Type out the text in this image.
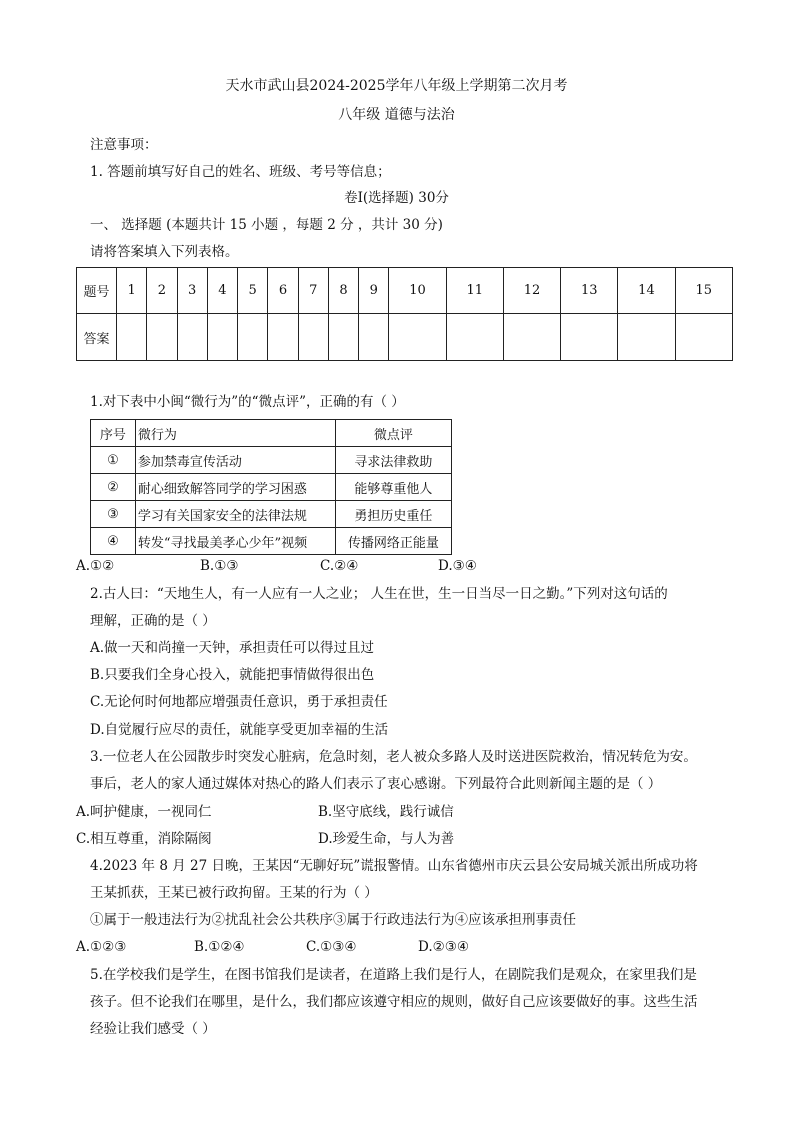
天水市武山县2024-2025学年八年级上学期第二次月考
八年级 道德与法治
注意事项：
1. 答题前填写好自己的姓名、班级、考号等信息；
卷Ⅰ(选择题) 30分
一、 选择题 (本题共计 15 小题 ，每题 2 分 ，共计 30 分)
请将答案填入下列表格。
题号	1	2	3	4	5	6	7	8	9	10	11	12	13	14	15
答案															
1.对下表中小闽“微行为”的“微点评”，正确的有（ ）
序号	微行为	微点评
①	参加禁毒宣传活动	寻求法律救助
②	耐心细致解答同学的学习困惑	能够尊重他人
③	学习有关国家安全的法律法规	勇担历史重任
④	转发“寻找最美孝心少年”视频	传播网络正能量
A.①②	B.①③	C.②④	D.③④
2.古人曰：“天地生人，有一人应有一人之业； 人生在世，生一日当尽一日之勤。”下列对这句话的
理解，正确的是（ ）
A.做一天和尚撞一天钟，承担责任可以得过且过
B.只要我们全身心投入，就能把事情做得很出色
C.无论何时何地都应增强责任意识，勇于承担责任
D.自觉履行应尽的责任，就能享受更加幸福的生活
3.一位老人在公园散步时突发心脏病，危急时刻，老人被众多路人及时送进医院救治，情况转危为安。
事后，老人的家人通过媒体对热心的路人们表示了衷心感谢。下列最符合此则新闻主题的是（ ）
A.呵护健康，一视同仁	B.坚守底线，践行诚信
C.相互尊重，消除隔阂	D.珍爱生命，与人为善
4.2023 年 8 月 27 日晚，王某因“无聊好玩”谎报警情。山东省德州市庆云县公安局城关派出所成功将
王某抓获，王某已被行政拘留。王某的行为（ ）
①属于一般违法行为②扰乱社会公共秩序③属于行政违法行为④应该承担刑事责任
A.①②③	B.①②④	C.①③④	D.②③④
5.在学校我们是学生，在图书馆我们是读者，在道路上我们是行人，在剧院我们是观众，在家里我们是
孩子。但不论我们在哪里，是什么，我们都应该遵守相应的规则，做好自己应该要做好的事。这些生活
经验让我们感受（ ）
